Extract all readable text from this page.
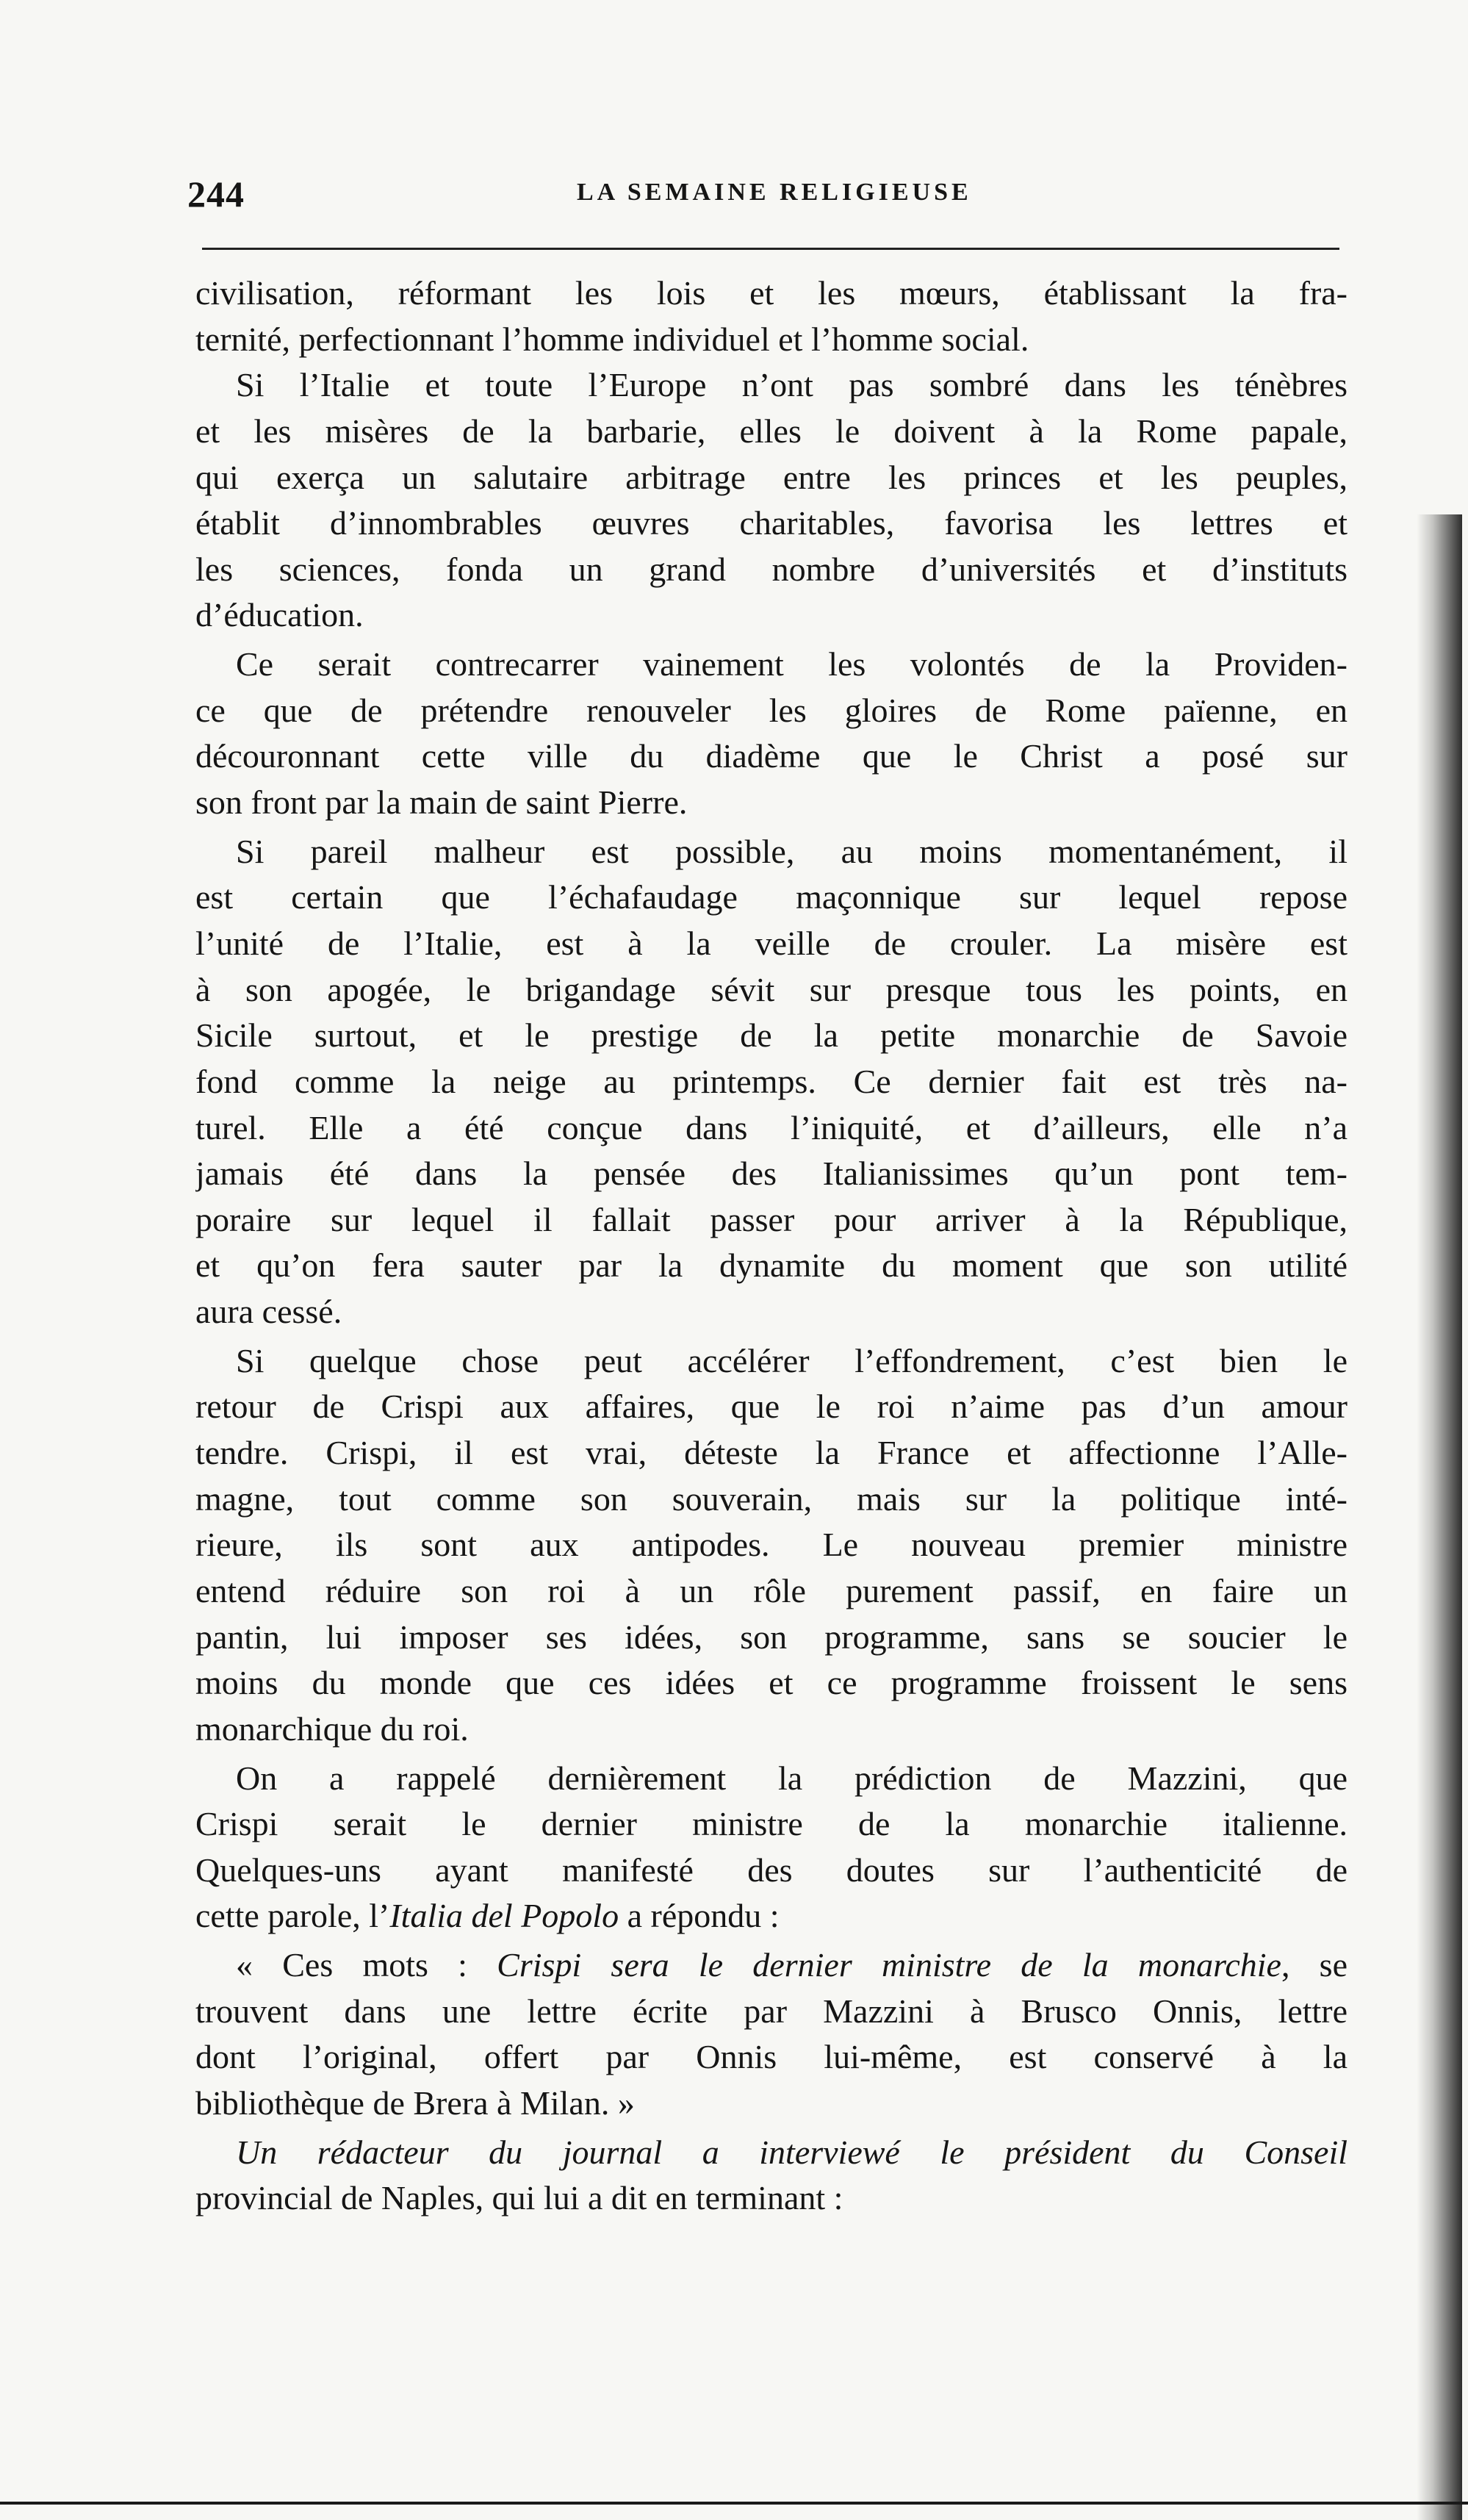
244	LA SEMAINE RELIGIEUSE
civilisation, réformant les lois et les mœurs, établissant la fra-
ternité, perfectionnant l’homme individuel et l’homme social.
Si l’Italie et toute l’Europe n’ont pas sombré dans les ténèbres
et les misères de la barbarie, elles le doivent à la Rome papale,
qui exerça un salutaire arbitrage entre les princes et les peuples,
établit d’innombrables œuvres charitables, favorisa les lettres et
les sciences, fonda un grand nombre d’universités et d’instituts
d’éducation.
Ce serait contrecarrer vainement les volontés de la Providen-
ce que de prétendre renouveler les gloires de Rome païenne, en
découronnant cette ville du diadème que le Christ a posé sur
son front par la main de saint Pierre.
Si pareil malheur est possible, au moins momentanément, il
est certain que l’échafaudage maçonnique sur lequel repose
l’unité de l’Italie, est à la veille de crouler. La misère est
à son apogée, le brigandage sévit sur presque tous les points, en
Sicile surtout, et le prestige de la petite monarchie de Savoie
fond comme la neige au printemps. Ce dernier fait est très na-
turel. Elle a été conçue dans l’iniquité, et d’ailleurs, elle n’a
jamais été dans la pensée des Italianissimes qu’un pont tem-
poraire sur lequel il fallait passer pour arriver à la République,
et qu’on fera sauter par la dynamite du moment que son utilité
aura cessé.
Si quelque chose peut accélérer l’effondrement, c’est bien le
retour de Crispi aux affaires, que le roi n’aime pas d’un amour
tendre. Crispi, il est vrai, déteste la France et affectionne l’Alle-
magne, tout comme son souverain, mais sur la politique inté-
rieure, ils sont aux antipodes. Le nouveau premier ministre
entend réduire son roi à un rôle purement passif, en faire un
pantin, lui imposer ses idées, son programme, sans se soucier le
moins du monde que ces idées et ce programme froissent le sens
monarchique du roi.
On a rappelé dernièrement la prédiction de Mazzini, que
Crispi serait le dernier ministre de la monarchie italienne.
Quelques-uns ayant manifesté des doutes sur l’authenticité de
cette parole, l’Italia del Popolo a répondu :
« Ces mots : Crispi sera le dernier ministre de la monarchie, se
trouvent dans une lettre écrite par Mazzini à Brusco Onnis, lettre
dont l’original, offert par Onnis lui-même, est conservé à la
bibliothèque de Brera à Milan. »
Un rédacteur du journal a interviewé le président du Conseil
provincial de Naples, qui lui a dit en terminant :
